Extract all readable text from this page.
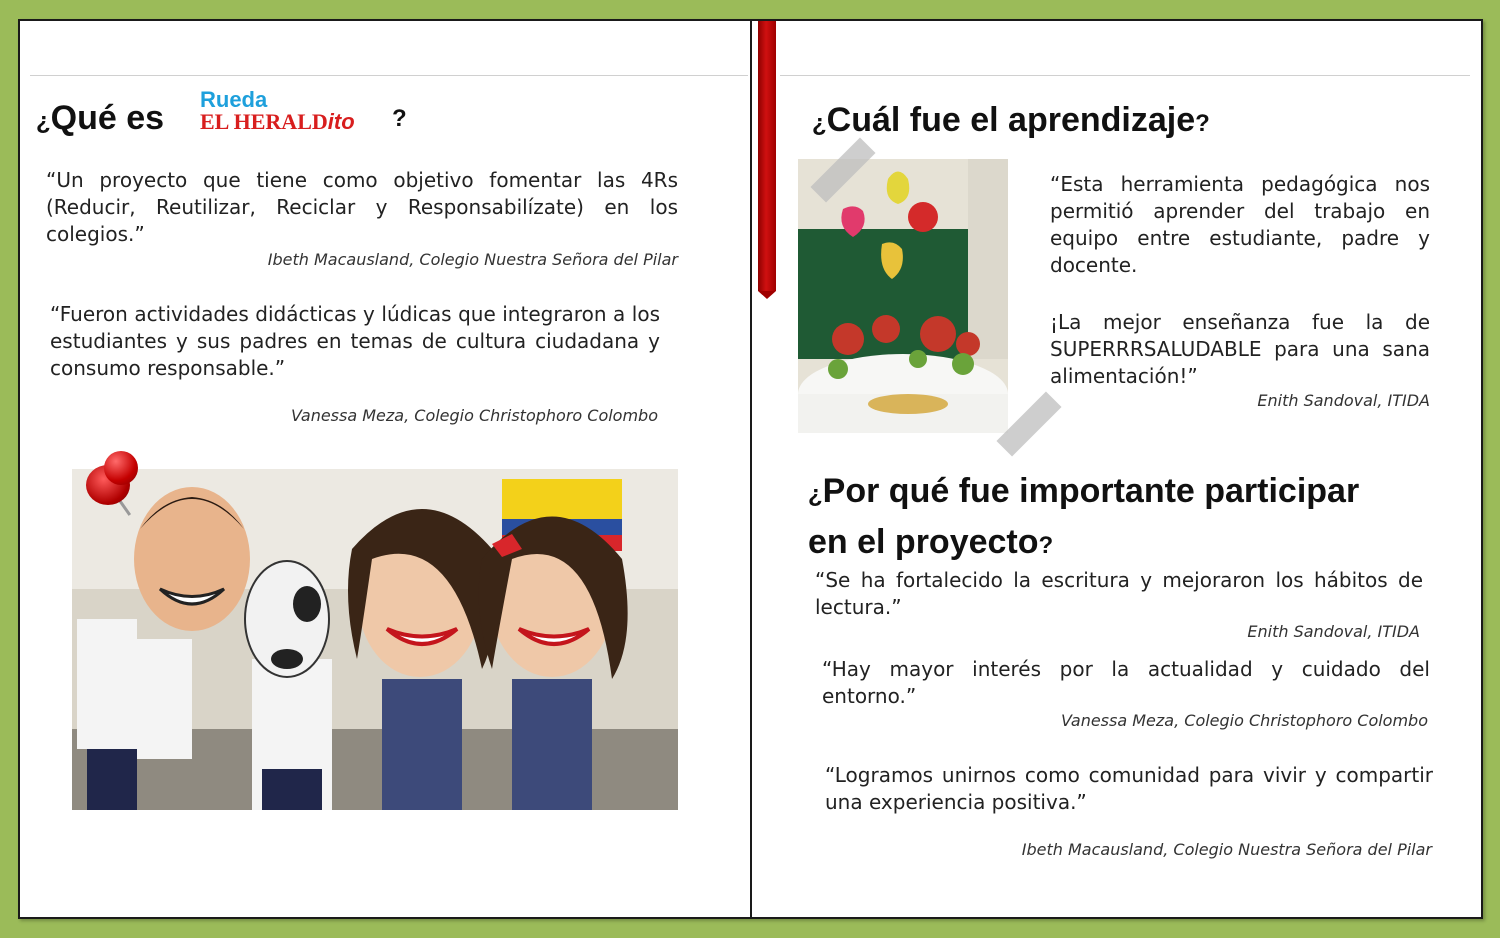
¿Qué es Rueda
EL HERALDito ?
“Un proyecto que tiene como objetivo fomentar las 4Rs (Reducir, Reutilizar, Reciclar y Responsabilízate) en los colegios.”
Ibeth Macausland, Colegio Nuestra Señora del Pilar
“Fueron actividades didácticas y lúdicas que integraron a los estudiantes y sus padres en temas de cultura ciudadana y consumo responsable.”
Vanessa Meza, Colegio Christophoro Colombo
¿Cuál fue el aprendizaje?
“Esta herramienta pedagógica nos permitió aprender del trabajo en equipo entre estudiante, padre y docente.
¡La mejor enseñanza fue la de SUPERRRSALUDABLE para una sana alimentación!”
Enith Sandoval, ITIDA
¿Por qué fue importante participar
en el proyecto?
“Se ha fortalecido la escritura y mejoraron los hábitos de lectura.”
Enith Sandoval, ITIDA
“Hay mayor interés por la actualidad y cuidado del entorno.”
Vanessa Meza, Colegio Christophoro Colombo
“Logramos unirnos como comunidad para vivir y compartir una experiencia positiva.”
Ibeth Macausland, Colegio Nuestra Señora del Pilar
